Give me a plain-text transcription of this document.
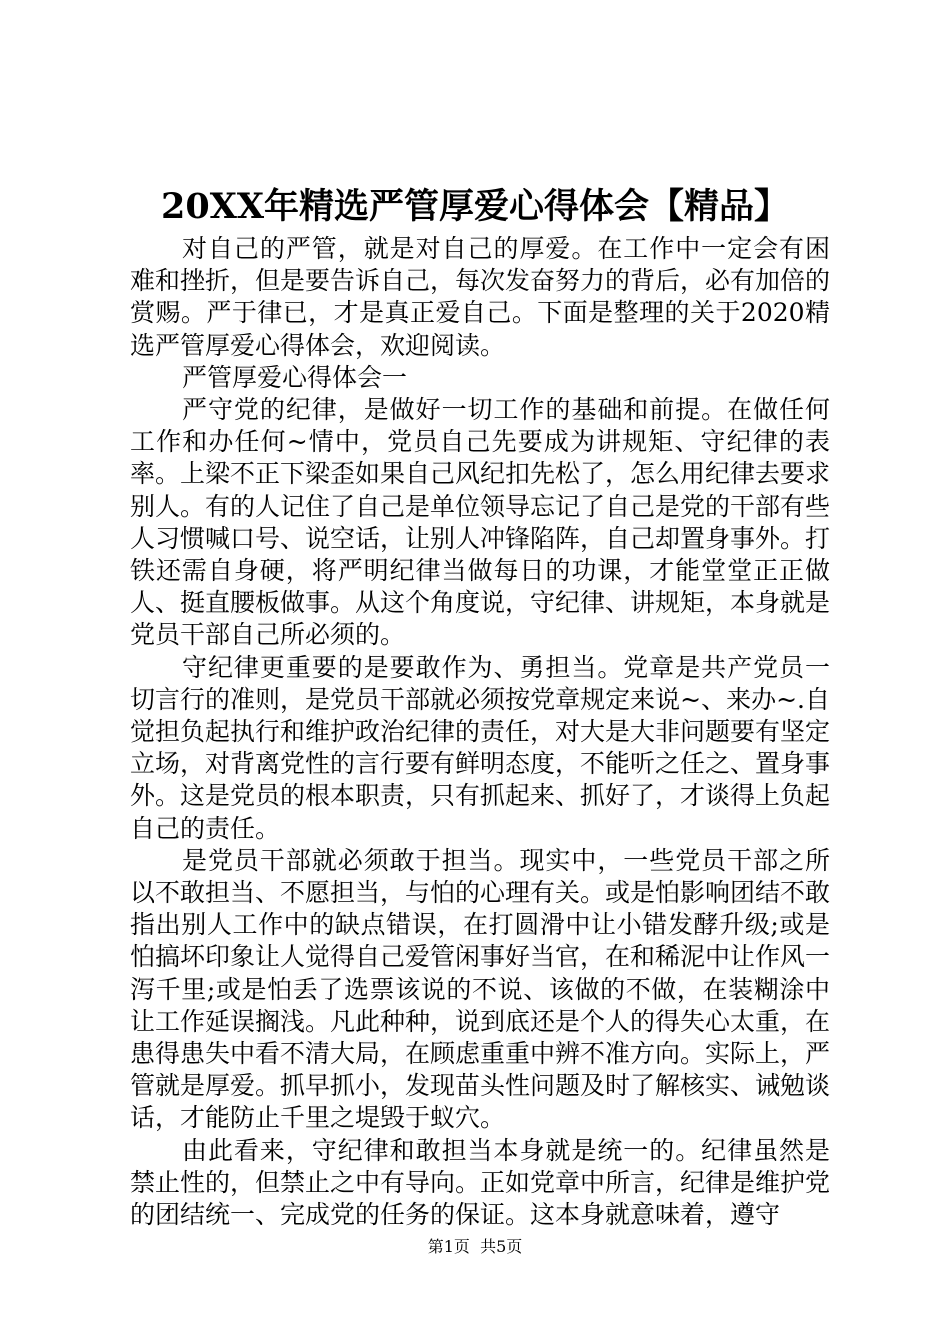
20XX年精选严管厚爱心得体会【精品】

对自己的严管，就是对自己的厚爱。在工作中一定会有困难和挫折，但是要告诉自己，每次发奋努力的背后，必有加倍的赏赐。严于律已，才是真正爱自己。下面是整理的关于2020精选严管厚爱心得体会，欢迎阅读。

严管厚爱心得体会一

严守党的纪律，是做好一切工作的基础和前提。在做任何工作和办任何~情中，党员自己先要成为讲规矩、守纪律的表率。上梁不正下梁歪如果自己风纪扣先松了，怎么用纪律去要求别人。有的人记住了自己是单位领导忘记了自己是党的干部有些人习惯喊口号、说空话，让别人冲锋陷阵，自己却置身事外。打铁还需自身硬，将严明纪律当做每日的功课，才能堂堂正正做人、挺直腰板做事。从这个角度说，守纪律、讲规矩，本身就是党员干部自己所必须的。

守纪律更重要的是要敢作为、勇担当。党章是共产党员一切言行的准则，是党员干部就必须按党章规定来说~、来办~.自觉担负起执行和维护政治纪律的责任，对大是大非问题要有坚定立场，对背离党性的言行要有鲜明态度，不能听之任之、置身事外。这是党员的根本职责，只有抓起来、抓好了，才谈得上负起自己的责任。

是党员干部就必须敢于担当。现实中，一些党员干部之所以不敢担当、不愿担当，与怕的心理有关。或是怕影响团结不敢指出别人工作中的缺点错误，在打圆滑中让小错发酵升级;或是怕搞坏印象让人觉得自己爱管闲事好当官，在和稀泥中让作风一泻千里;或是怕丢了选票该说的不说、该做的不做，在装糊涂中让工作延误搁浅。凡此种种，说到底还是个人的得失心太重，在患得患失中看不清大局，在顾虑重重中辨不准方向。实际上，严管就是厚爱。抓早抓小，发现苗头性问题及时了解核实、诫勉谈话，才能防止千里之堤毁于蚁穴。

由此看来，守纪律和敢担当本身就是统一的。纪律虽然是禁止性的，但禁止之中有导向。正如党章中所言，纪律是维护党的团结统一、完成党的任务的保证。这本身就意味着，遵守

第1页 共5页
